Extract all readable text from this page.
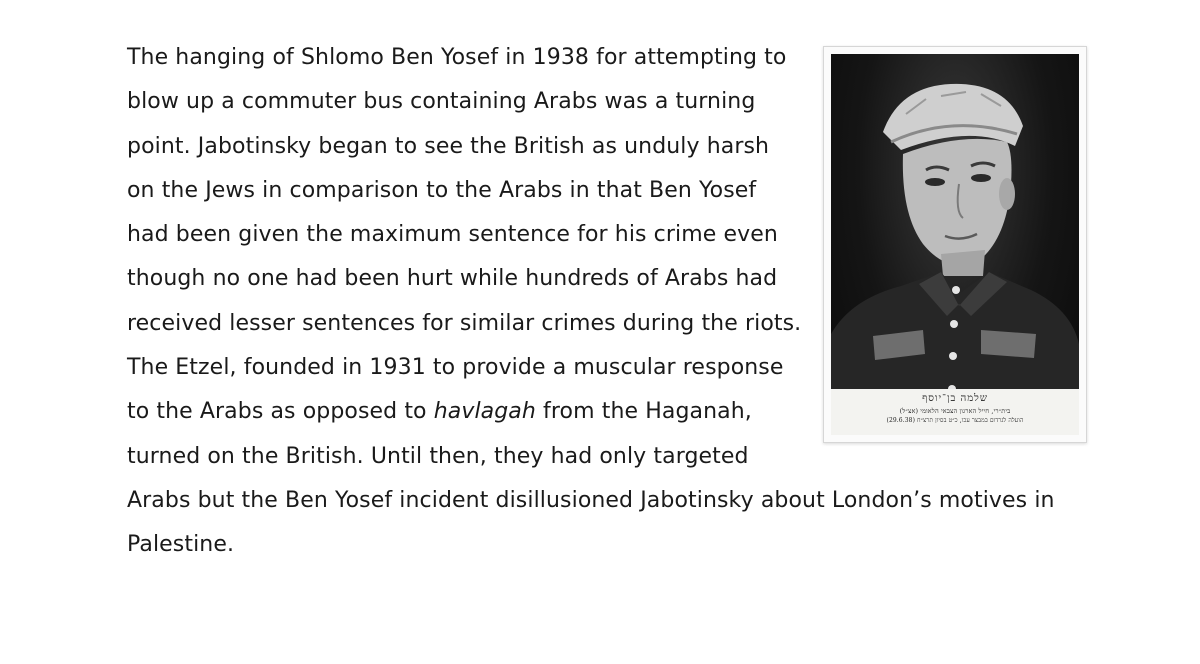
שלמה בן־יוסף
בית״רי, חייל הארגון הצבאי הלאומי (אצ״ל)
הועלה לגרדום במבצר עכו, כ״ט בסיון תרצ״ח (29.6.38)

The hanging of Shlomo Ben Yosef in 1938 for attempting to blow up a commuter bus containing Arabs was a turning point. Jabotinsky began to see the British as unduly harsh on the Jews in comparison to the Arabs in that Ben Yosef had been given the maximum sentence for his crime even though no one had been hurt while hundreds of Arabs had received lesser sentences for similar crimes during the riots. The Etzel, founded in 1931 to provide a muscular response to the Arabs as opposed to havlagah from the Haganah, turned on the British. Until then, they had only targeted Arabs but the Ben Yosef incident disillusioned Jabotinsky about London’s motives in Palestine.
